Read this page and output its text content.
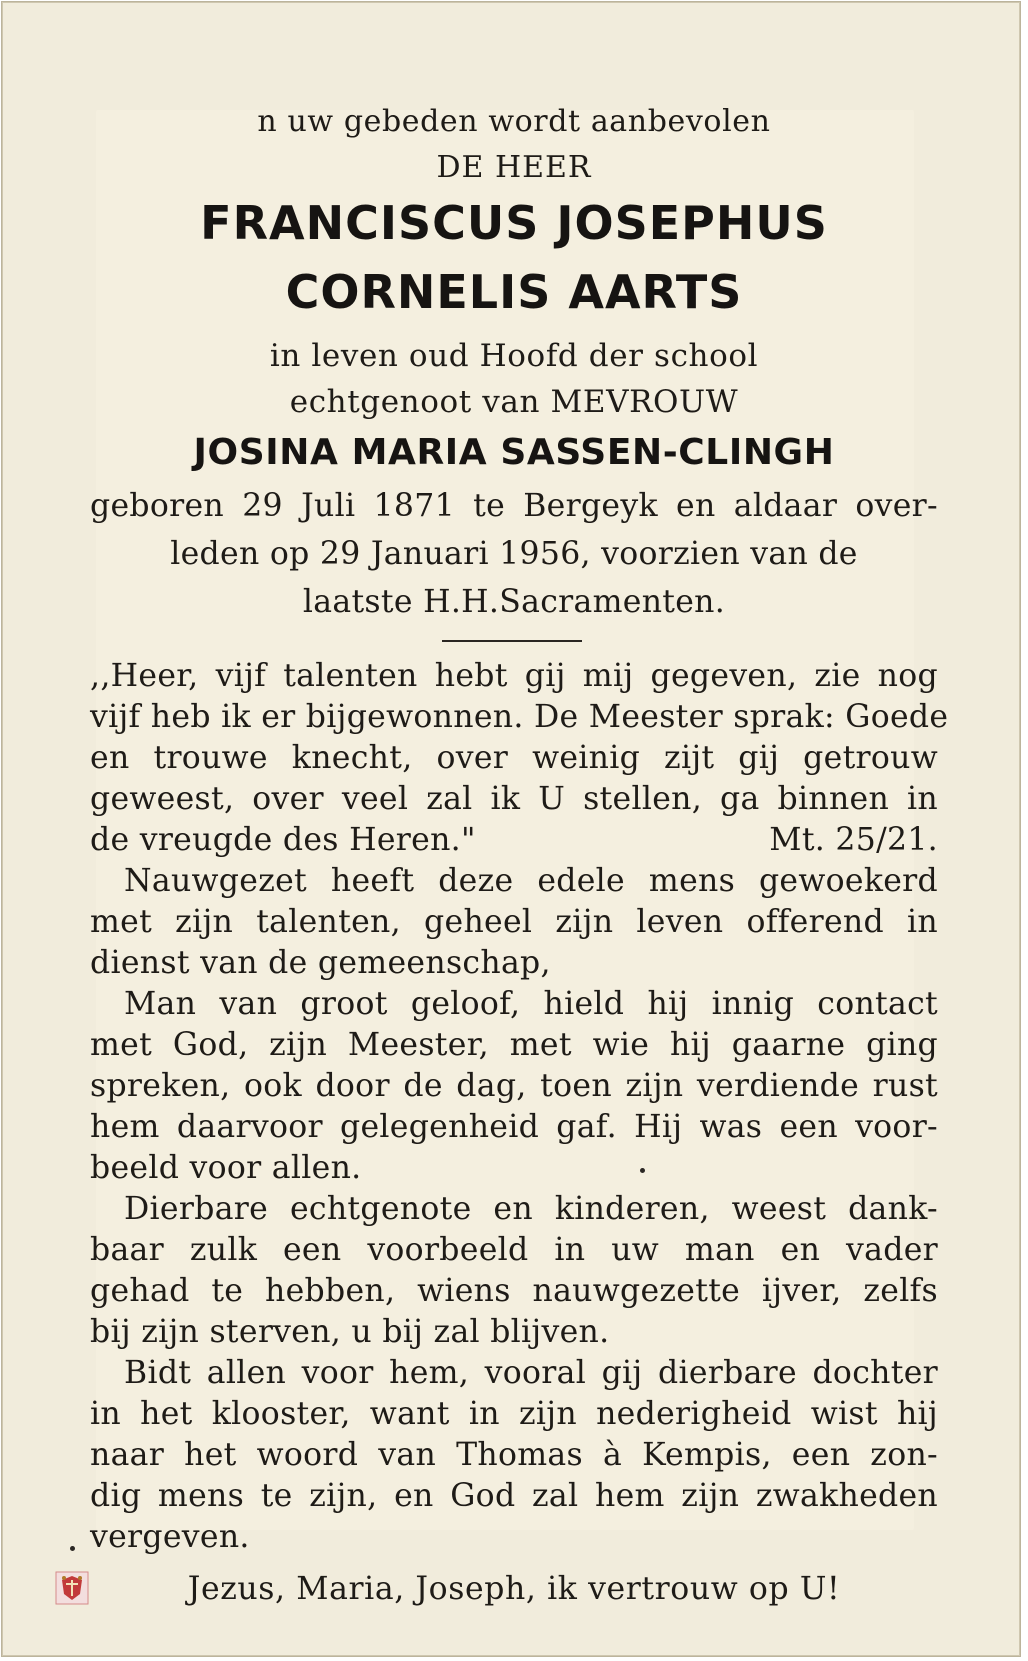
n uw gebeden wordt aanbevolen
DE HEER
FRANCISCUS JOSEPHUS
CORNELIS AARTS
in leven oud Hoofd der school
echtgenoot van MEVROUW
JOSINA MARIA SASSEN-CLINGH
geboren 29 Juli 1871 te Bergeyk en aldaar over-
leden op 29 Januari 1956, voorzien van de
laatste H.H.Sacramenten.
,,Heer, vijf talenten hebt gij mij gegeven, zie nog
vijf heb ik er bijgewonnen. De Meester sprak: Goede
en trouwe knecht, over weinig zijt gij getrouw
geweest, over veel zal ik U stellen, ga binnen in
de vreugde des Heren."	Mt. 25/21.
Nauwgezet heeft deze edele mens gewoekerd
met zijn talenten, geheel zijn leven offerend in
dienst van de gemeenschap,
Man van groot geloof, hield hij innig contact
met God, zijn Meester, met wie hij gaarne ging
spreken, ook door de dag, toen zijn verdiende rust
hem daarvoor gelegenheid gaf. Hij was een voor-
beeld voor allen.
Dierbare echtgenote en kinderen, weest dank-
baar zulk een voorbeeld in uw man en vader
gehad te hebben, wiens nauwgezette ijver, zelfs
bij zijn sterven, u bij zal blijven.
Bidt allen voor hem, vooral gij dierbare dochter
in het klooster, want in zijn nederigheid wist hij
naar het woord van Thomas à Kempis, een zon-
dig mens te zijn, en God zal hem zijn zwakheden
vergeven.
Jezus, Maria, Joseph, ik vertrouw op U!
